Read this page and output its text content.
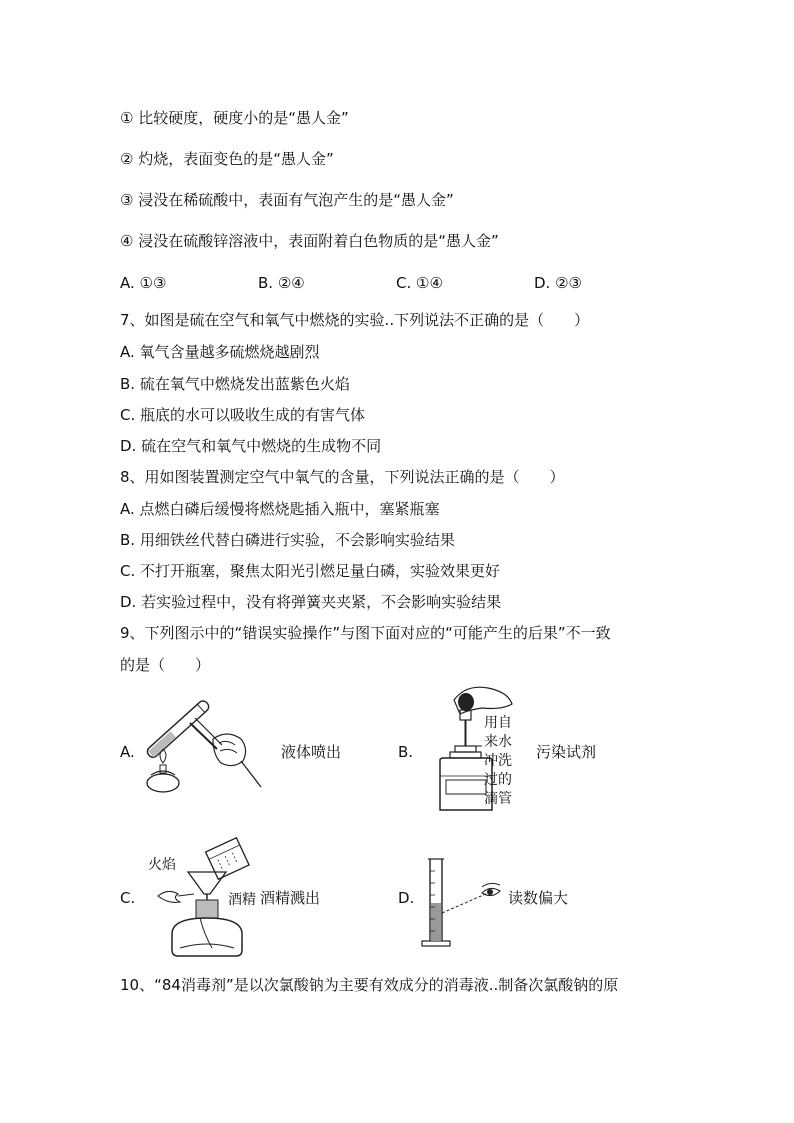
① 比较硬度，硬度小的是“愚人金”
② 灼烧，表面变色的是“愚人金”
③ 浸没在稀硫酸中，表面有气泡产生的是“愚人金”
④ 浸没在硫酸锌溶液中，表面附着白色物质的是“愚人金”
A. ①③	B. ②④	C. ①④	D. ②③
7、如图是硫在空气和氧气中燃烧的实验..下列说法不正确的是（　　）
A. 氧气含量越多硫燃烧越剧烈
B. 硫在氧气中燃烧发出蓝紫色火焰
C. 瓶底的水可以吸收生成的有害气体
D. 硫在空气和氧气中燃烧的生成物不同
8、用如图装置测定空气中氧气的含量，下列说法正确的是（　　）
A. 点燃白磷后缓慢将燃烧匙插入瓶中，塞紧瓶塞
B. 用细铁丝代替白磷进行实验，不会影响实验结果
C. 不打开瓶塞，聚焦太阳光引燃足量白磷，实验效果更好
D. 若实验过程中，没有将弹簧夹夹紧，不会影响实验结果
9、下列图示中的“错误实验操作”与图下面对应的“可能产生的后果”不一致
的是（　　）
A.	液体喷出	B.
用自
来水
冲洗
过的
滴管
污染试剂
C.
火焰
酒精 酒精溅出	D.	读数偏大
10、“84消毒剂”是以次氯酸钠为主要有效成分的消毒液..制备次氯酸钠的原
